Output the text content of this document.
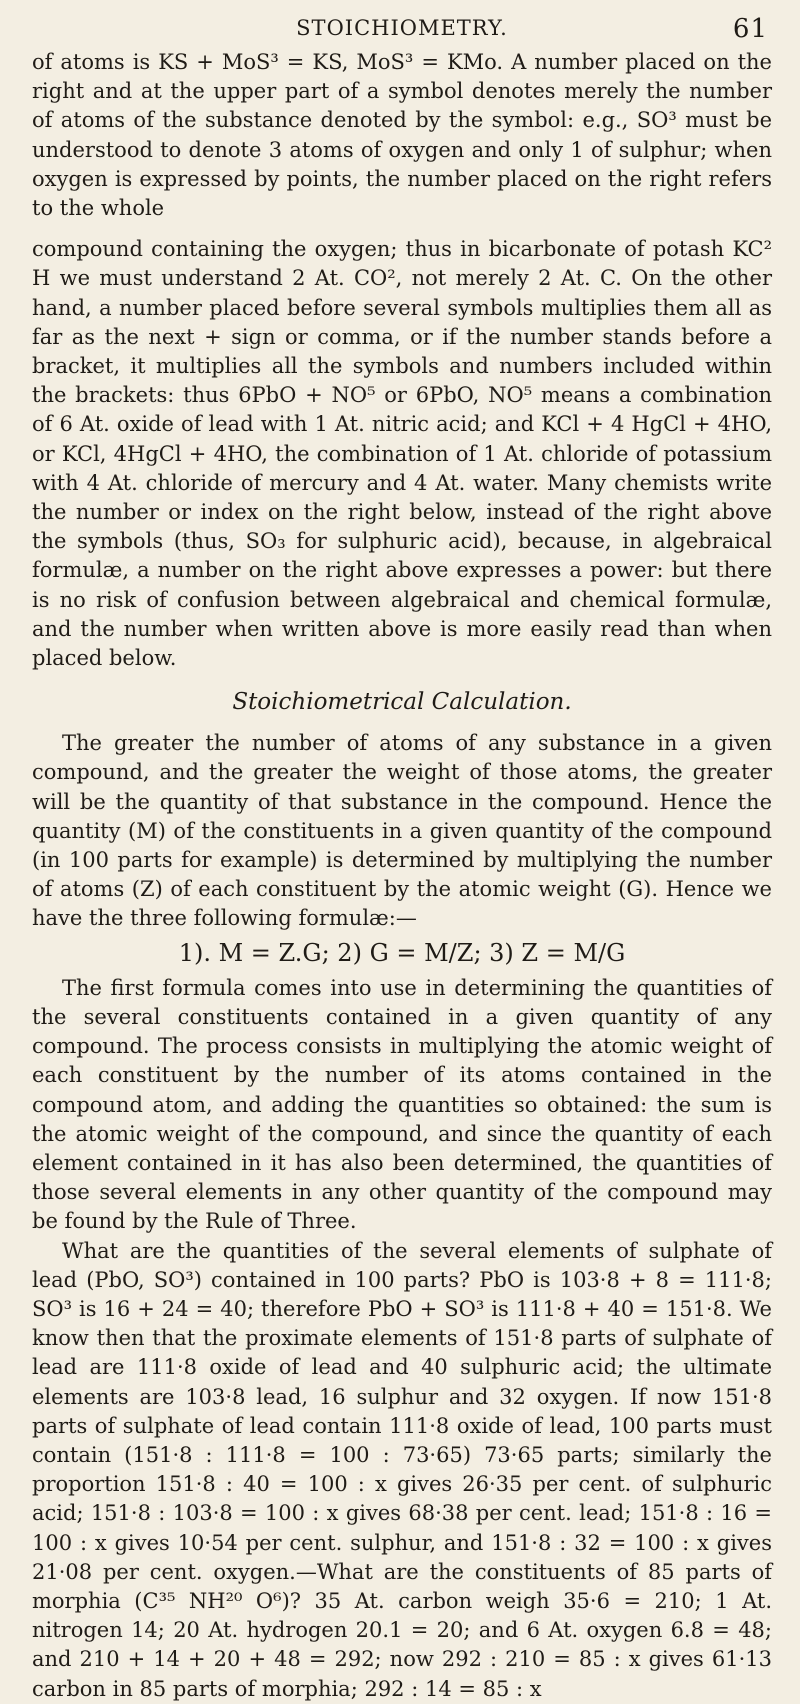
STOICHIOMETRY.	61

of atoms is KS + MoS³ = KS, MoS³ = KMo. A number placed on the right and at the upper part of a symbol denotes merely the number of atoms of the substance denoted by the symbol: e.g., SO³ must be understood to denote 3 atoms of oxygen and only 1 of sulphur; when oxygen is expressed by points, the number placed on the right refers to the whole

compound containing the oxygen; thus in bicarbonate of potash KC² H we must understand 2 At. CO², not merely 2 At. C. On the other hand, a number placed before several symbols multiplies them all as far as the next + sign or comma, or if the number stands before a bracket, it multiplies all the symbols and numbers included within the brackets: thus 6PbO + NO⁵ or 6PbO, NO⁵ means a combination of 6 At. oxide of lead with 1 At. nitric acid; and KCl + 4 HgCl + 4HO, or KCl, 4HgCl + 4HO, the combination of 1 At. chloride of potassium with 4 At. chloride of mercury and 4 At. water. Many chemists write the number or index on the right below, instead of the right above the symbols (thus, SO₃ for sulphuric acid), because, in algebraical formulæ, a number on the right above expresses a power: but there is no risk of confusion between algebraical and chemical formulæ, and the number when written above is more easily read than when placed below.

Stoichiometrical Calculation.

The greater the number of atoms of any substance in a given compound, and the greater the weight of those atoms, the greater will be the quantity of that substance in the compound. Hence the quantity (M) of the constituents in a given quantity of the compound (in 100 parts for example) is determined by multiplying the number of atoms (Z) of each constituent by the atomic weight (G). Hence we have the three following formulæ:—

1). M = Z.G; 2) G = M/Z; 3) Z = M/G

The first formula comes into use in determining the quantities of the several constituents contained in a given quantity of any compound. The process consists in multiplying the atomic weight of each constituent by the number of its atoms contained in the compound atom, and adding the quantities so obtained: the sum is the atomic weight of the compound, and since the quantity of each element contained in it has also been determined, the quantities of those several elements in any other quantity of the compound may be found by the Rule of Three.

What are the quantities of the several elements of sulphate of lead (PbO, SO³) contained in 100 parts? PbO is 103·8 + 8 = 111·8; SO³ is 16 + 24 = 40; therefore PbO + SO³ is 111·8 + 40 = 151·8. We know then that the proximate elements of 151·8 parts of sulphate of lead are 111·8 oxide of lead and 40 sulphuric acid; the ultimate elements are 103·8 lead, 16 sulphur and 32 oxygen. If now 151·8 parts of sulphate of lead contain 111·8 oxide of lead, 100 parts must contain (151·8 : 111·8 = 100 : 73·65) 73·65 parts; similarly the proportion 151·8 : 40 = 100 : x gives 26·35 per cent. of sulphuric acid; 151·8 : 103·8 = 100 : x gives 68·38 per cent. lead; 151·8 : 16 = 100 : x gives 10·54 per cent. sulphur, and 151·8 : 32 = 100 : x gives 21·08 per cent. oxygen.—What are the constituents of 85 parts of morphia (C³⁵ NH²⁰ O⁶)? 35 At. carbon weigh 35·6 = 210; 1 At. nitrogen 14; 20 At. hydrogen 20.1 = 20; and 6 At. oxygen 6.8 = 48; and 210 + 14 + 20 + 48 = 292; now 292 : 210 = 85 : x gives 61·13 carbon in 85 parts of morphia; 292 : 14 = 85 : x
